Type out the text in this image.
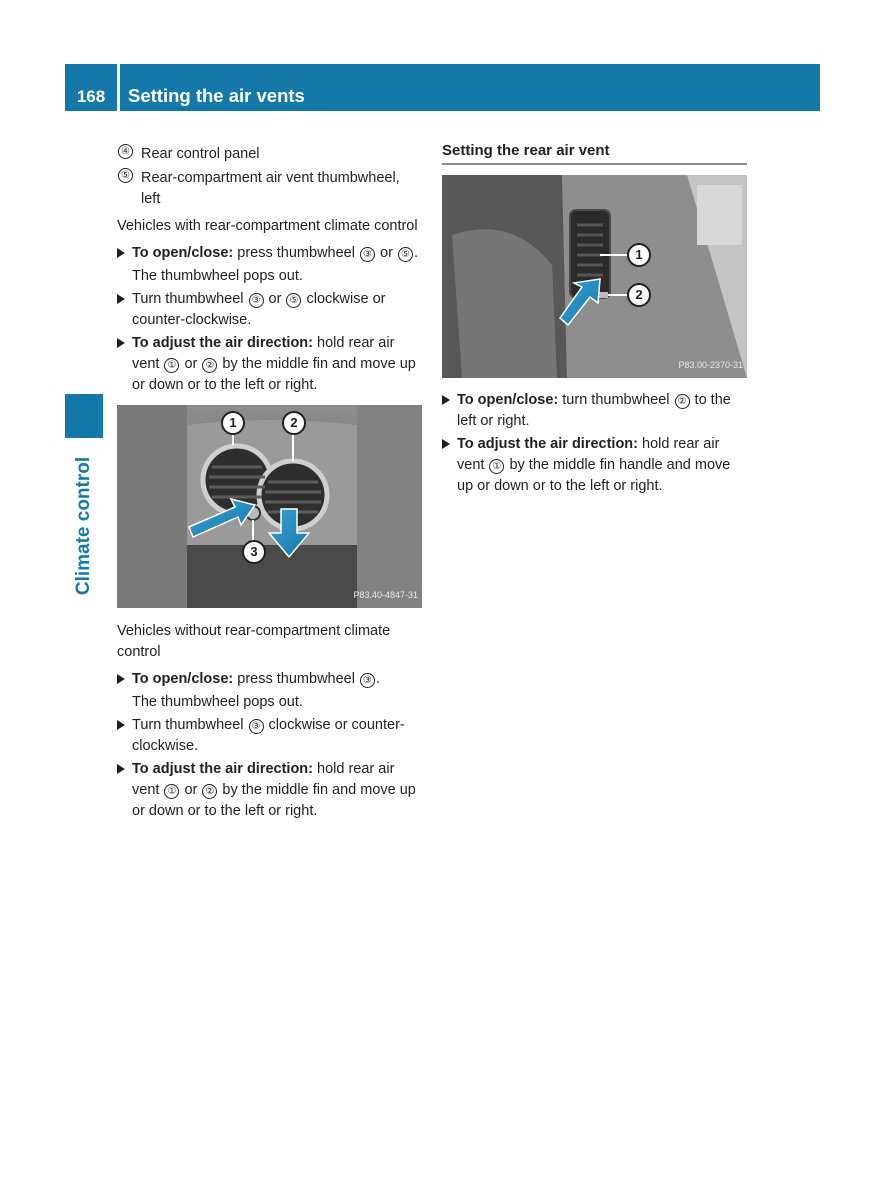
168	Setting the air vents
Climate control
④ Rear control panel
⑤ Rear-compartment air vent thumbwheel, left

Vehicles with rear-compartment climate control

To open/close: press thumbwheel ③ or ⑤ .
The thumbwheel pops out.
Turn thumbwheel ③ or ⑤ clockwise or counter-clockwise.
To adjust the air direction: hold rear air vent ① or ② by the middle fin and move up or down or to the left or right.
1	2
3
P83.40-4847-31

Vehicles without rear-compartment climate control

To open/close: press thumbwheel ③ .
The thumbwheel pops out.
Turn thumbwheel ③ clockwise or counter-clockwise.
To adjust the air direction: hold rear air vent ① or ② by the middle fin and move up or down or to the left or right.
Setting the rear air vent
1
2
P83.00-2370-31
To open/close: turn thumbwheel ② to the left or right.
To adjust the air direction: hold rear air vent ① by the middle fin handle and move up or down or to the left or right.
